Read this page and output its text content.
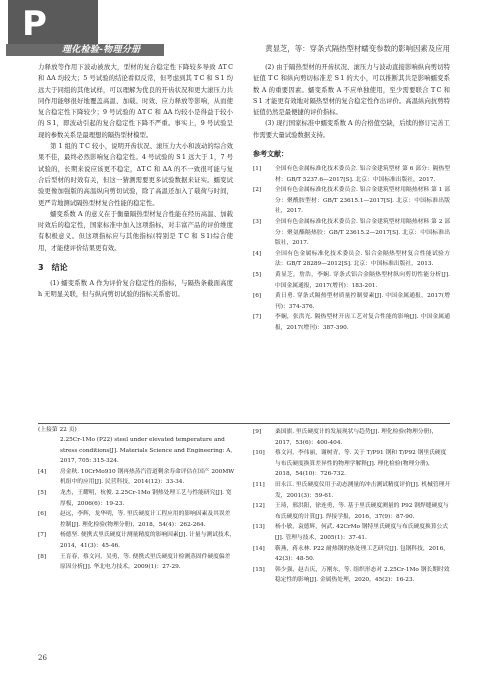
P
理化检验-物理分册	黄显芝，等：穿条式隔热型材蠕变参数的影响因素及应用

力释放等作用下波动被放大，型材的复合稳定性下降较多导致 ΔT C 和 ΔA 均较大；5 号试验的结论看似反常，但考虑到其 T C 和 S 1 均远大于同组的其他试样，可以理解为优良的开齿状况和更大滚压力共同作用能够很好地覆盖高温、加载、时效、应力释放等影响，从而使复合稳定性下降较少；9 号试验的 ΔT C 和 ΔA 均较小是得益于较小的 S 1，即波动引起的复合稳定性下降不严重。事实上，9 号试验呈现的参数关系是最理想的隔热型材模型。

第 1 组的 T C 较小，说明开齿状况、滚压力大小和波动的综合效果不佳，最终必然影响复合稳定性。4 号试验的 S 1 远大于 1，7 号试验的，长期来说应该更不稳定，ΔT C 和 ΔA 的不一致很可能与复合后型材的时效有关，但这一猜测需要更多试验数据来证实。蠕变试验更像加强版的高温纵向剪切试验，除了高温还加入了载荷与时间，更严苛地测试隔热型材复合性能的稳定性。

蠕变系数 A 的意义在于衡量隔热型材复合性能在经历高温、加载时效后的稳定性，国家标准中加入这项指标，对丰富产品的评价维度有积极意义。但这项指标应与其他指标(特别是 T C 和 S 1)综合使用，才能使评价结果更有效。

3　结论

(1) 蠕变系数 A 作为评价复合稳定性的指标，与隔热条截面高度 h 无明显关联，但与纵向剪切试验的指标关系密切。

(2) 由于隔热型材的开齿状况、滚压力与波动直接影响纵向剪切特征值 T C 和纵向剪切标准差 S 1 的大小，可以推断其共是影响蠕变系数 A 的重要因素。蠕变系数 A 不应单独使用，至少需要联合 T C 和 S 1 才能更有效地对隔热型材的复合稳定性作出评价。高温纵向抗剪特征值仍然是最便捷的评价指标。

(3) 现行国家标准中蠕变系数 A 的合格值空缺，后续的修订完善工作需要大量试验数据支持。

参考文献：
[1]	全国有色金属标准化技术委员会. 铝合金建筑型材 第 6 部分：隔热型材：GB/T 5237.6—2017[S]. 北京：中国标准出版社，2017.
[2]	全国有色金属标准化技术委员会. 铝合金建筑型材用隔热材料 第 1 部分：聚酰胺型材：GB/T 23615.1—2017[S]. 北京：中国标准出版社，2017.
[3]	全国有色金属标准化技术委员会. 铝合金建筑型材用隔热材料 第 2 部分：聚氨酯隔热胶：GB/T 23615.2—2017[S]. 北京：中国标准出版社，2017.
[4]	全国有色金属标准化技术委员会. 铝合金隔热型材复合性能试验方法：GB/T 28289—2012[S]. 北京：中国标准出版社，2013.
[5]	黄显芝，詹浩，李娴. 穿条式铝合金隔热型材纵向剪切性能分析[J]. 中国金属通报，2017(增刊)：183-201.
[6]	黄日勇. 穿条式隔热型材质量控制要素[J]. 中国金属通报，2017(增刊)：374-376.
[7]	李娴，张洪光. 隔热型材开齿工艺对复合性能的影响[J]. 中国金属通报，2017(增刊)：387-390.
(上接第 22 页)
2.25Cr-1Mo (P22) steel under elevated temperature and stress conditions[J]. Materials Science and Engineering: A, 2017, 705: 315-324.
[4]	房金秋. 10CrMo910 钢再热蒸汽管道剩余寿命评估在国产 200MW 机组中的应用[J]. 民营科技，2014(12)：33-34.
[5]	龙杰，王耀明，杭俊. 2.25Cr-1Mo 钢热处理工艺与性能研究[J]. 宽厚板，2006(6)：19-23.
[6]	赵远，李辉，龙华明，等. 里氏硬度计工程应用的影响因素及其误差控制[J]. 理化检验(物理分册)，2018，54(4)：262-264.
[7]	杨德坚. 便携式里氏硬度计测量精度的影响因素[J]. 计量与测试技术，2014，41(3)：45-46.
[8]	王育春，蔡文河，吴勇，等. 便携式里氏硬度计检测蒸固件硬度偏差原因分析[J]. 华北电力技术，2009(1)：27-29.
[9]	桑国旗. 里氏硬度计的发展现状与趋势[J]. 理化检验(物理分册)，2017，53(6)：400-404.
[10]	蔡文河，李伟丽，谢树青，等. 关于 T/P91 钢和 T/P92 钢里氏硬度与布氏硬度换算差异性的物理学解释[J]. 理化检验(物理分册)，2018，54(10)：726-732.
[11]	田永江. 里氏硬度仪用于动态测量的冲击测试精度评价[J]. 机械管理开发，2001(3)：59-61.
[12]	王琦，邢洪阳，徐连勇，等. 基于里氏硬度测量的 P92 钢焊缝硬度与布氏硬度的计算[J]. 焊接学报，2016，37(9)：87-90.
[13]	杨小敏，袁德辉，何武. 42CrMo 钢特里氏硬度与布氏硬度换算公式[J]. 管理与技术，2005(1)：37-41.
[14]	靳燕，蒋永林. P22 耐热钢的热处理工艺研究[J]. 包钢科技，2016，42(3)：48-50.
[15]	韩少强，赵吉庆，万刚东，等. 组织形态对 2.25Cr-1Mo 钢长期时效稳定性的影响[J]. 金属热处理，2020，45(2)：16-23.
26
